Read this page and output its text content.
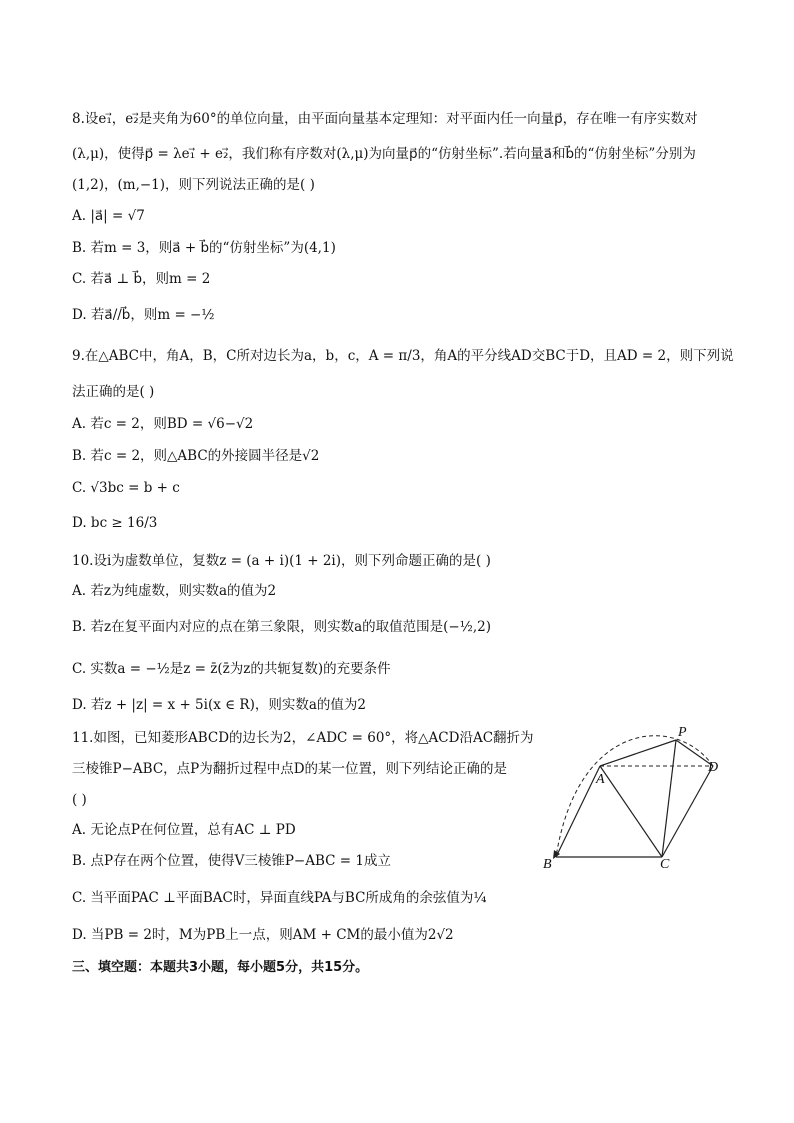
8.设e₁⃗，e₂⃗是夹角为60°的单位向量，由平面向量基本定理知：对平面内任一向量p⃗，存在唯一有序实数对
(λ,μ)，使得p⃗ = λe₁⃗ + e₂⃗，我们称有序数对(λ,μ)为向量p⃗的“仿射坐标”.若向量a⃗和b⃗的“仿射坐标”分别为
(1,2)，(m,−1)，则下列说法正确的是( )
A. |a⃗| = √7
B. 若m = 3，则a⃗ + b⃗的“仿射坐标”为(4,1)
C. 若a⃗ ⊥ b⃗，则m = 2
D. 若a⃗//b⃗，则m = −½
9.在△ABC中，角A，B，C所对边长为a，b，c，A = π/3，角A的平分线AD交BC于D，且AD = 2，则下列说
法正确的是( )
A. 若c = 2，则BD = √6−√2
B. 若c = 2，则△ABC的外接圆半径是√2
C. √3bc = b + c
D. bc ≥ 16/3
10.设i为虚数单位，复数z = (a + i)(1 + 2i)，则下列命题正确的是( )
A. 若z为纯虚数，则实数a的值为2
B. 若z在复平面内对应的点在第三象限，则实数a的取值范围是(−½,2)
C. 实数a = −½是z = z̄(z̄为z的共轭复数)的充要条件
D. 若z + |z| = x + 5i(x ∈ R)，则实数a的值为2
11.如图，已知菱形ABCD的边长为2，∠ADC = 60°，将△ACD沿AC翻折为
三棱锥P−ABC，点P为翻折过程中点D的某一位置，则下列结论正确的是
( )
A. 无论点P在何位置，总有AC ⊥ PD
B. 点P存在两个位置，使得V三棱锥P−ABC = 1成立
C. 当平面PAC ⊥平面BAC时，异面直线PA与BC所成角的余弦值为¼
D. 当PB = 2时，M为PB上一点，则AM + CM的最小值为2√2
三、填空题：本题共3小题，每小题5分，共15分。
P
A
D
B	C
